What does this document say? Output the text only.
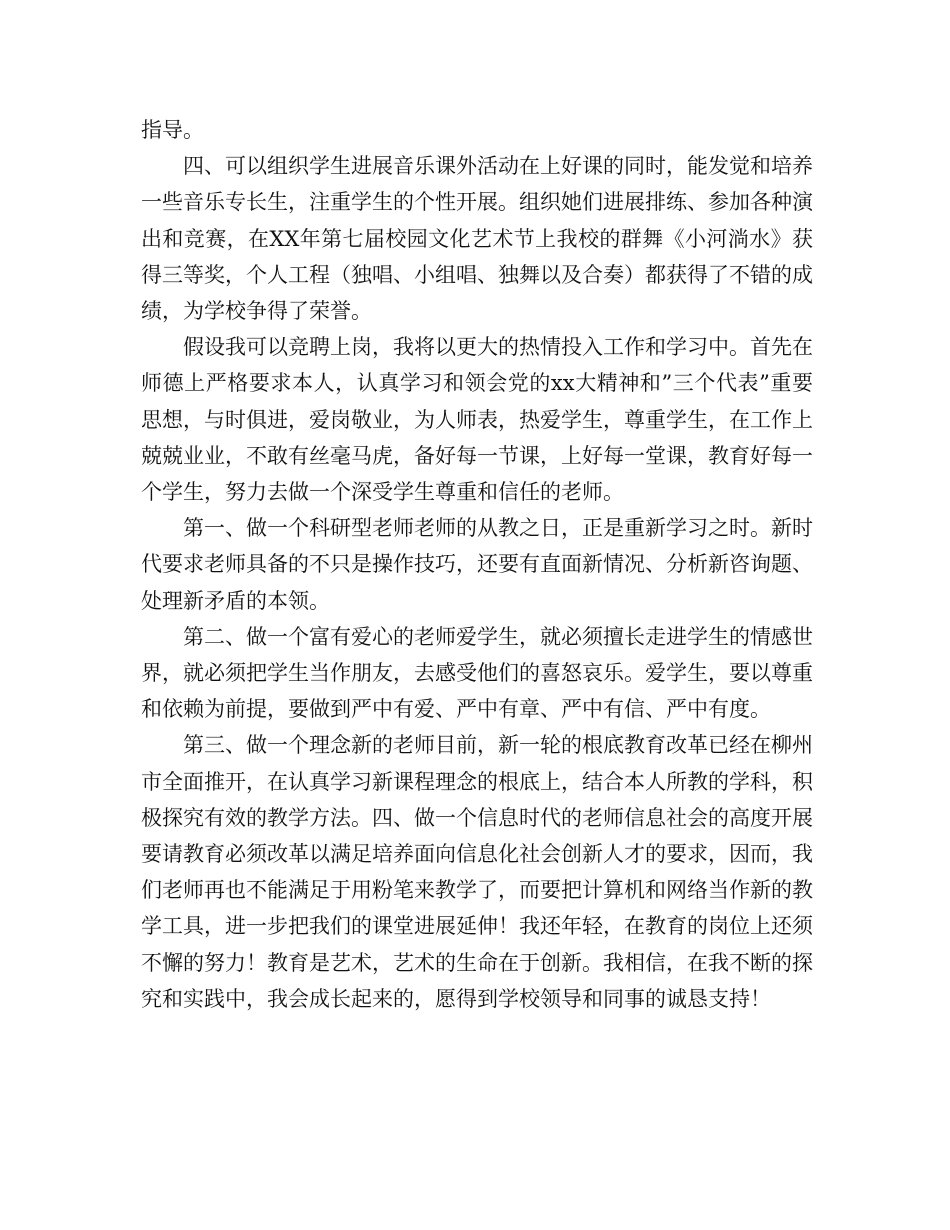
指导。

四、可以组织学生进展音乐课外活动在上好课的同时，能发觉和培养一些音乐专长生，注重学生的个性开展。组织她们进展排练、参加各种演出和竞赛，在XX年第七届校园文化艺术节上我校的群舞《小河淌水》获得三等奖，个人工程（独唱、小组唱、独舞以及合奏）都获得了不错的成绩，为学校争得了荣誉。

假设我可以竞聘上岗，我将以更大的热情投入工作和学习中。首先在师德上严格要求本人，认真学习和领会党的xx大精神和”三个代表”重要思想，与时俱进，爱岗敬业，为人师表，热爱学生，尊重学生，在工作上兢兢业业，不敢有丝毫马虎，备好每一节课，上好每一堂课，教育好每一个学生，努力去做一个深受学生尊重和信任的老师。

第一、做一个科研型老师老师的从教之日，正是重新学习之时。新时代要求老师具备的不只是操作技巧，还要有直面新情况、分析新咨询题、处理新矛盾的本领。

第二、做一个富有爱心的老师爱学生，就必须擅长走进学生的情感世界，就必须把学生当作朋友，去感受他们的喜怒哀乐。爱学生，要以尊重和依赖为前提，要做到严中有爱、严中有章、严中有信、严中有度。

第三、做一个理念新的老师目前，新一轮的根底教育改革已经在柳州市全面推开，在认真学习新课程理念的根底上，结合本人所教的学科，积极探究有效的教学方法。四、做一个信息时代的老师信息社会的高度开展要请教育必须改革以满足培养面向信息化社会创新人才的要求，因而，我们老师再也不能满足于用粉笔来教学了，而要把计算机和网络当作新的教学工具，进一步把我们的课堂进展延伸！我还年轻，在教育的岗位上还须不懈的努力！教育是艺术，艺术的生命在于创新。我相信，在我不断的探究和实践中，我会成长起来的，愿得到学校领导和同事的诚恳支持！
